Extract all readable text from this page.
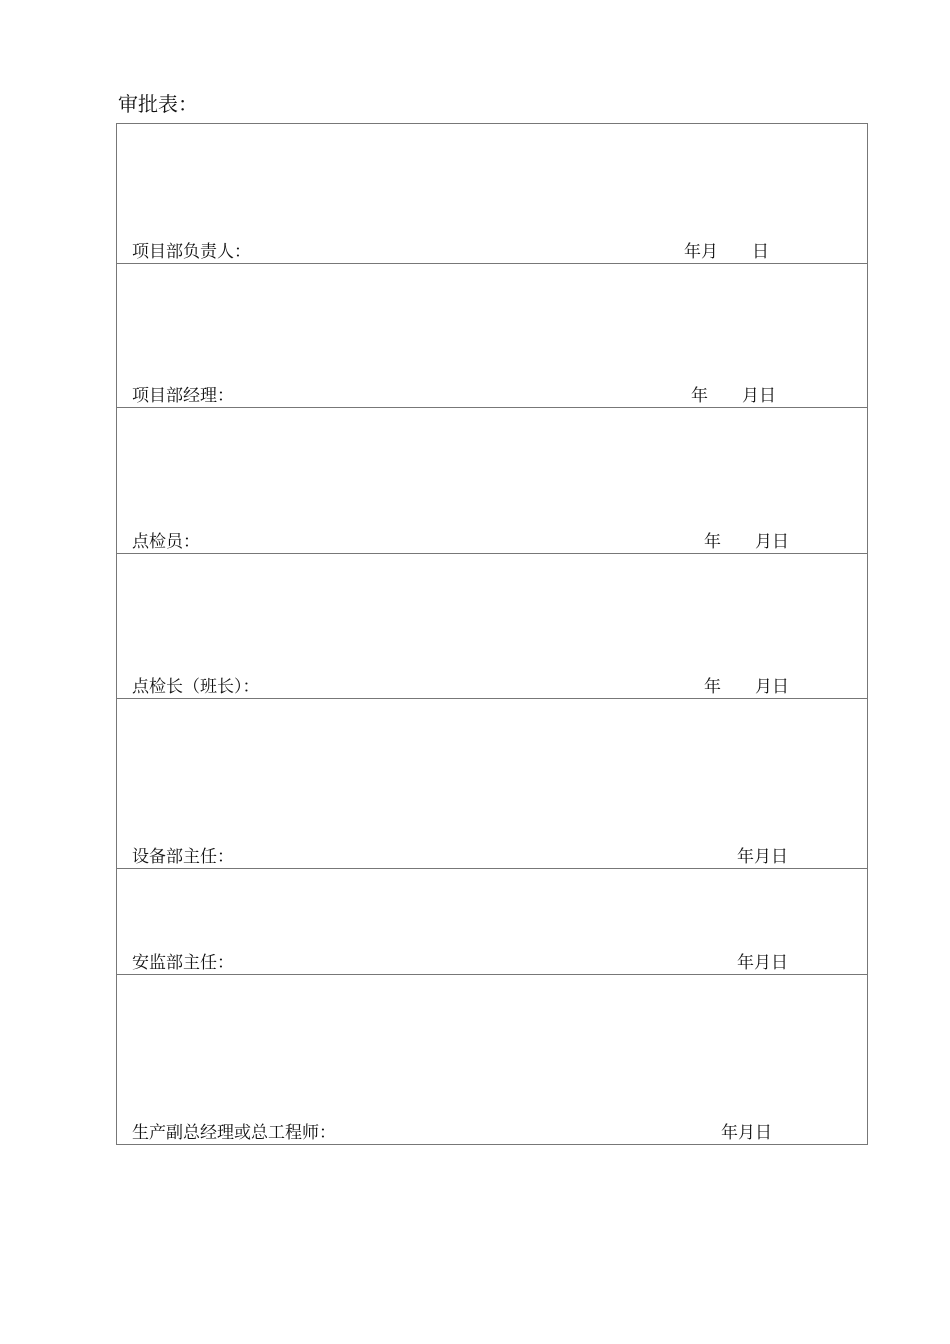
审批表：
项目部负责人：	年月　　日
项目部经理：	年　　月日
点检员：	年　　月日
点检长（班长）：	年　　月日
设备部主任：	年月日
安监部主任：	年月日
生产副总经理或总工程师：	年月日
